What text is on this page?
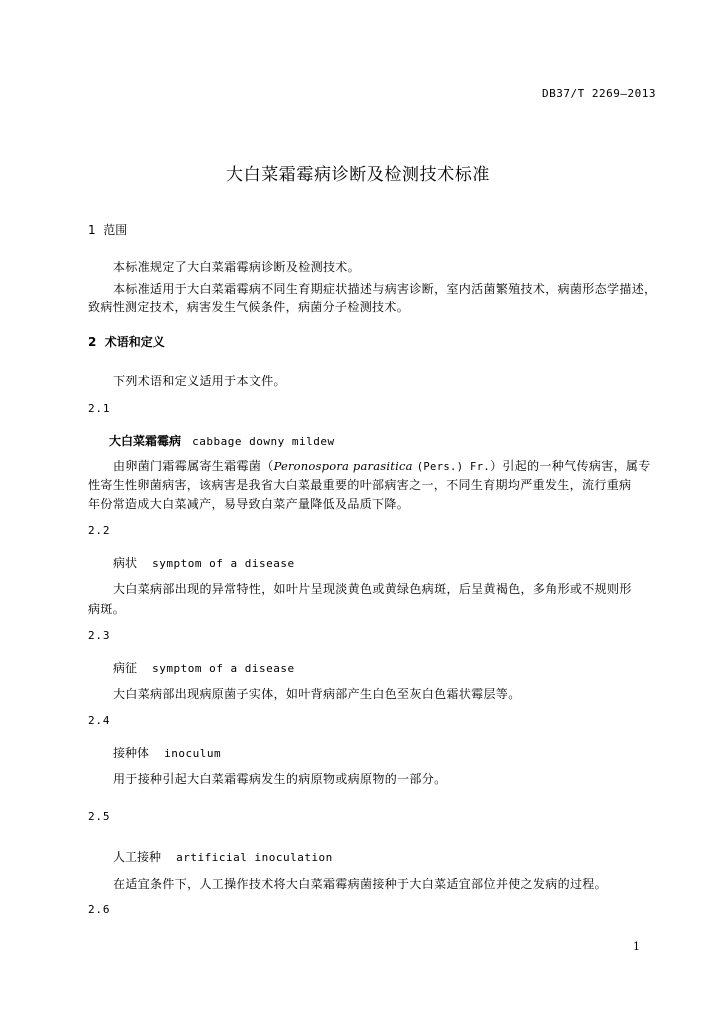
DB37/T 2269—2013
大白菜霜霉病诊断及检测技术标准
1  范围
本标准规定了大白菜霜霉病诊断及检测技术。
本标准适用于大白菜霜霉病不同生育期症状描述与病害诊断，室内活菌繁殖技术，病菌形态学描述，
致病性测定技术，病害发生气候条件，病菌分子检测技术。
2  术语和定义
下列术语和定义适用于本文件。
2.1
大白菜霜霉病 cabbage downy mildew
由卵菌门霜霉属寄生霜霉菌（Peronospora parasitica (Pers.) Fr.）引起的一种气传病害，属专
性寄生性卵菌病害，该病害是我省大白菜最重要的叶部病害之一，不同生育期均严重发生，流行重病
年份常造成大白菜减产，易导致白菜产量降低及品质下降。
2.2
病状 symptom of a disease
大白菜病部出现的异常特性，如叶片呈现淡黄色或黄绿色病斑，后呈黄褐色，多角形或不规则形
病斑。
2.3
病征 symptom of a disease
大白菜病部出现病原菌子实体，如叶背病部产生白色至灰白色霜状霉层等。
2.4
接种体 inoculum
用于接种引起大白菜霜霉病发生的病原物或病原物的一部分。
2.5
人工接种 artificial inoculation
在适宜条件下，人工操作技术将大白菜霜霉病菌接种于大白菜适宜部位并使之发病的过程。
2.6
1
